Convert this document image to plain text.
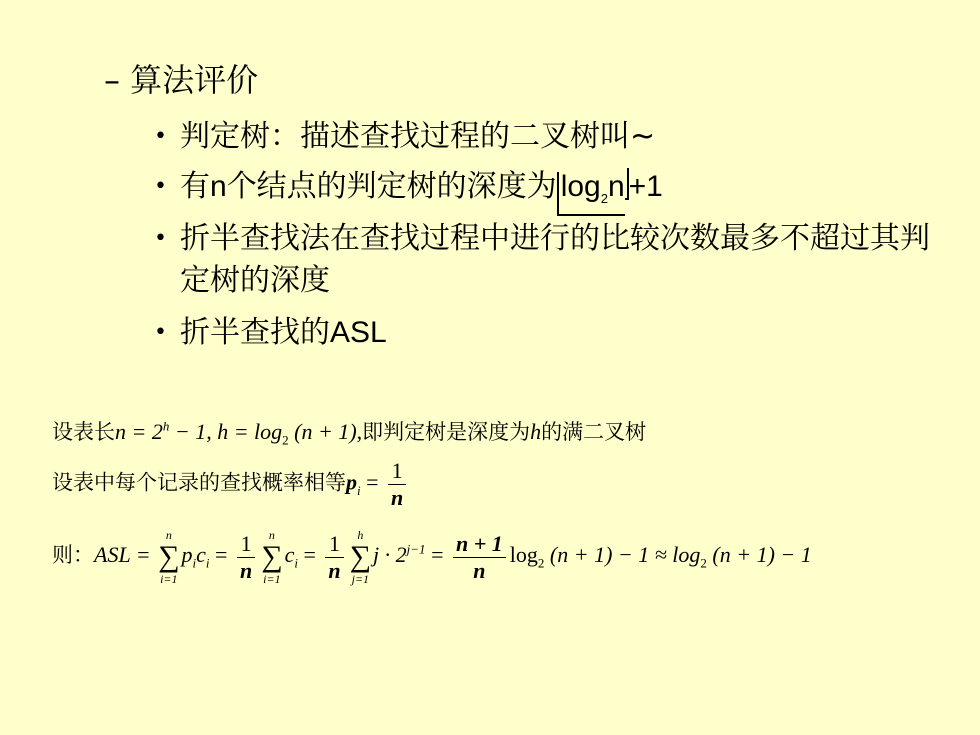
– 算法评价
• 判定树：描述查找过程的二叉树叫~
• 有n个结点的判定树的深度为 $\log_2n +1$
• 折半查找法在查找过程中进行的比较次数最多不超过其判定树的深度
• 折半查找的ASL
设表长$n = 2^h - 1$, $h = \log_2 (n + 1)$,即判定树是深度为h的满二叉树
设表中每个记录的查找概率相等$p_i = \frac{1}{n}$
则：ASL =
n
∑
i=1
$p_ic_i = \frac{1}{n}$	n
∑
i=1
$c_i = \frac{1}{n}$	h
∑
j=1
$j \cdot 2^{j-1} = \frac{n + 1}{n} \log_2 (n + 1) - 1 \approx \log_2 (n + 1) - 1$
